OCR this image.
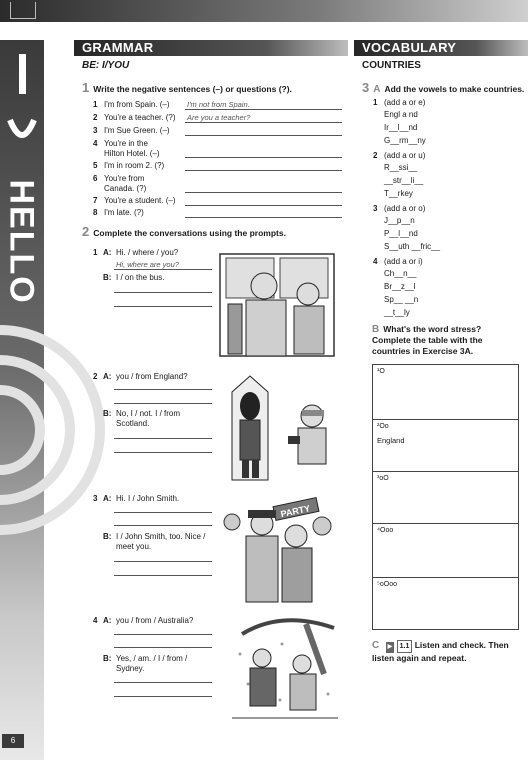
HELLO
GRAMMAR
BE: I/YOU
1 Write the negative sentences (–) or questions (?).
1 I'm from Spain. (–) I'm not from Spain.
2 You're a teacher. (?) Are you a teacher?
3 I'm Sue Green. (–)
4 You're in the
Hilton Hotel. (–)
5 I'm in room 2. (?)
6 You're from
Canada. (?)
7 You're a student. (–)
8 I'm late. (?)
2 Complete the conversations using the prompts.
1 A: Hi. / where / you?
Hi, where are you?
B: I / on the bus.
2 A: you / from England?
B: No, I / not. I / from
Scotland.
3 A: Hi. I / John Smith.
B: I / John Smith, too. Nice /
meet you.
PARTY
4 A: you / from / Australia?
B: Yes, / am. / I / from /
Sydney.
VOCABULARY
COUNTRIES
3 A Add the vowels to make countries.
1 (add a or e)
Engl a nd
Ir__l__nd
G__rm__ny
2 (add a or u)
R__ssi__
__str__li__
T__rkey
3 (add a or o)
J__p__n
P__l__nd
S__uth __fric__
4 (add a or i)
Ch__n__
Br__z__l
Sp__ __n
__t__ly
B What's the word stress? Complete the table with the countries in Exercise 3A.
¹O
²Oo
England
³oO
⁴Ooo
⁵oOoo
C ▶ 1.1 Listen and check. Then
listen again and repeat.
6
